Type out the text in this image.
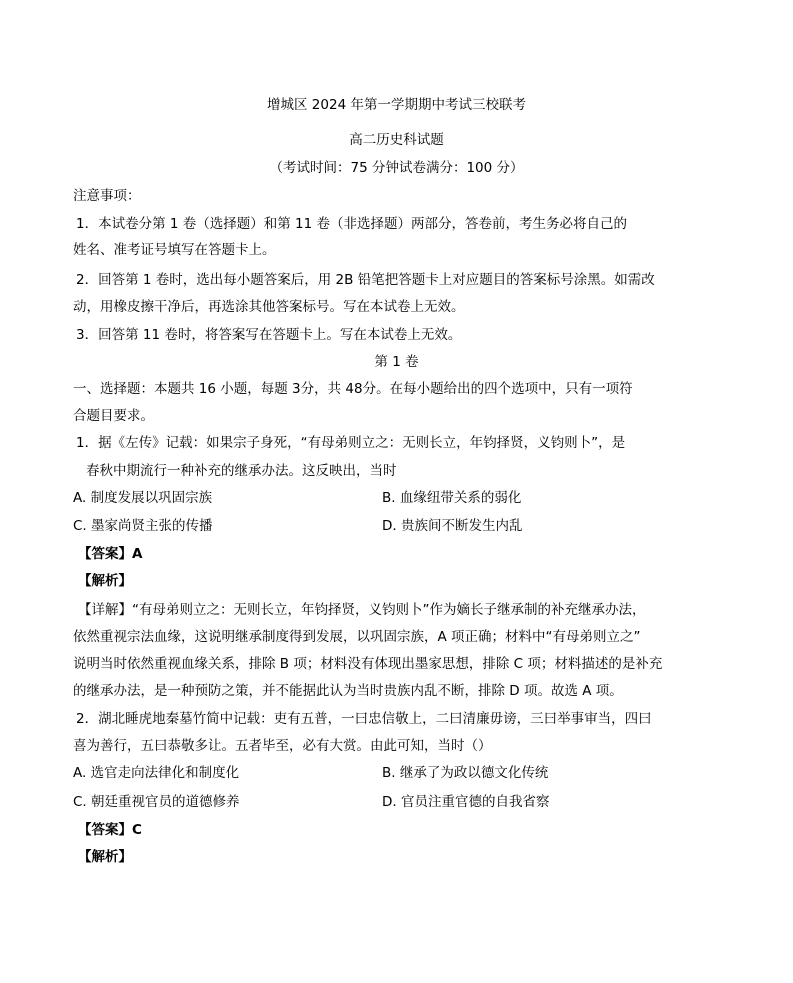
增城区 2024 年第一学期期中考试三校联考
高二历史科试题
（考试时间：75 分钟试卷满分：100 分）
注意事项：
1．本试卷分第 1 卷（选择题）和第 11 卷（非选择题）两部分，答卷前，考生务必将自己的
姓名、准考证号填写在答题卡上。
2．回答第 1 卷时，选出每小题答案后，用 2B 铅笔把答题卡上对应题目的答案标号涂黑。如需改
动，用橡皮擦干净后，再选涂其他答案标号。写在本试卷上无效。
3．回答第 11 卷时，将答案写在答题卡上。写在本试卷上无效。
第 1 卷
一、选择题：本题共 16 小题，每题 3分，共 48分。在每小题给出的四个选项中，只有一项符
合题目要求。
1．据《左传》记载：如果宗子身死，“有母弟则立之：无则长立，年钧择贤，义钧则卜”，是
春秋中期流行一种补充的继承办法。这反映出，当时
A. 制度发展以巩固宗族	B. 血缘纽带关系的弱化
C. 墨家尚贤主张的传播	D. 贵族间不断发生内乱
【答案】A
【解析】
【详解】“有母弟则立之：无则长立，年钧择贤，义钧则卜”作为嫡长子继承制的补充继承办法，
依然重视宗法血缘，这说明继承制度得到发展，以巩固宗族，A 项正确；材料中“有母弟则立之”
说明当时依然重视血缘关系，排除 B 项；材料没有体现出墨家思想，排除 C 项；材料描述的是补充
的继承办法，是一种预防之策，并不能据此认为当时贵族内乱不断，排除 D 项。故选 A 项。
2．湖北睡虎地秦墓竹简中记载：吏有五普，一曰忠信敬上，二曰清廉毋谤，三曰举事审当，四曰
喜为善行，五曰恭敬多让。五者毕至，必有大赏。由此可知，当时（）
A. 选官走向法律化和制度化	B. 继承了为政以德文化传统
C. 朝廷重视官员的道德修养	D. 官员注重官德的自我省察
【答案】C
【解析】
